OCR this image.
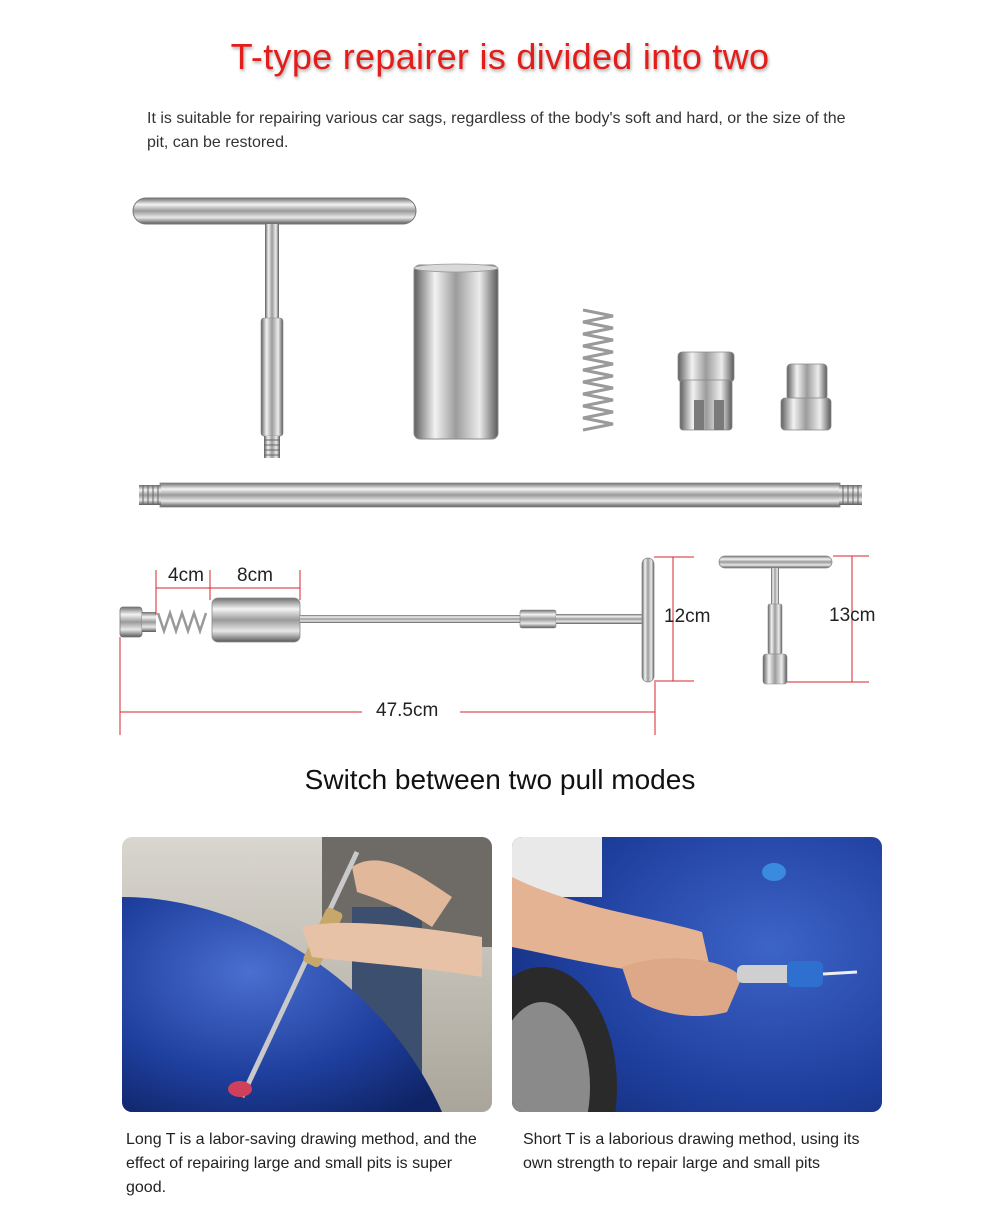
T-type repairer is divided into two
It is suitable for repairing various car sags, regardless of the body's soft and hard, or the size of the pit, can be restored.
4cm 8cm
12cm	13cm
47.5cm
Switch between two pull modes
Long T is a labor-saving drawing method, and the effect of repairing large and small pits is super good.
Short T is a laborious drawing method, using its own strength to repair large and small pits
